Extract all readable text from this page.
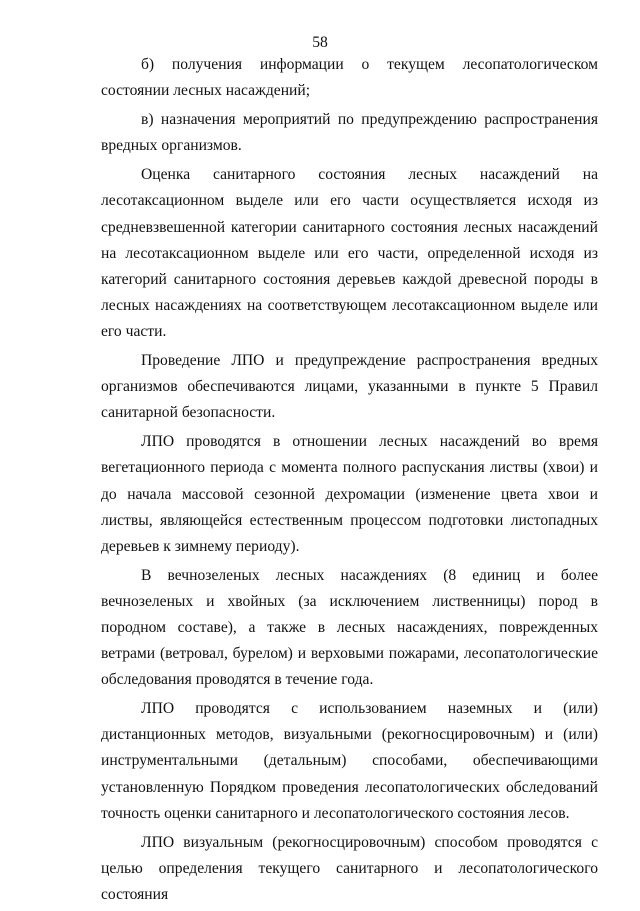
58

б) получения информации о текущем лесопатологическом состоянии лесных насаждений;

в) назначения мероприятий по предупреждению распространения вредных организмов.

Оценка санитарного состояния лесных насаждений на лесотаксационном выделе или его части осуществляется исходя из средневзвешенной категории санитарного состояния лесных насаждений на лесотаксационном выделе или его части, определенной исходя из категорий санитарного состояния деревьев каждой древесной породы в лесных насаждениях на соответствующем лесотаксационном выделе или его части.

Проведение ЛПО и предупреждение распространения вредных организмов обеспечиваются лицами, указанными в пункте 5 Правил санитарной безопасности.

ЛПО проводятся в отношении лесных насаждений во время вегетационного периода с момента полного распускания листвы (хвои) и до начала массовой сезонной дехромации (изменение цвета хвои и листвы, являющейся естественным процессом подготовки листопадных деревьев к зимнему периоду).

В вечнозеленых лесных насаждениях (8 единиц и более вечнозеленых и хвойных (за исключением лиственницы) пород в породном составе), а также в лесных насаждениях, поврежденных ветрами (ветровал, бурелом) и верховыми пожарами, лесопатологические обследования проводятся в течение года.

ЛПО проводятся с использованием наземных и (или) дистанционных методов, визуальными (рекогносцировочным) и (или) инструментальными (детальным) способами, обеспечивающими установленную Порядком проведения лесопатологических обследований точность оценки санитарного и лесопатологического состояния лесов.

ЛПО визуальным (рекогносцировочным) способом проводятся с целью определения текущего санитарного и лесопатологического состояния
